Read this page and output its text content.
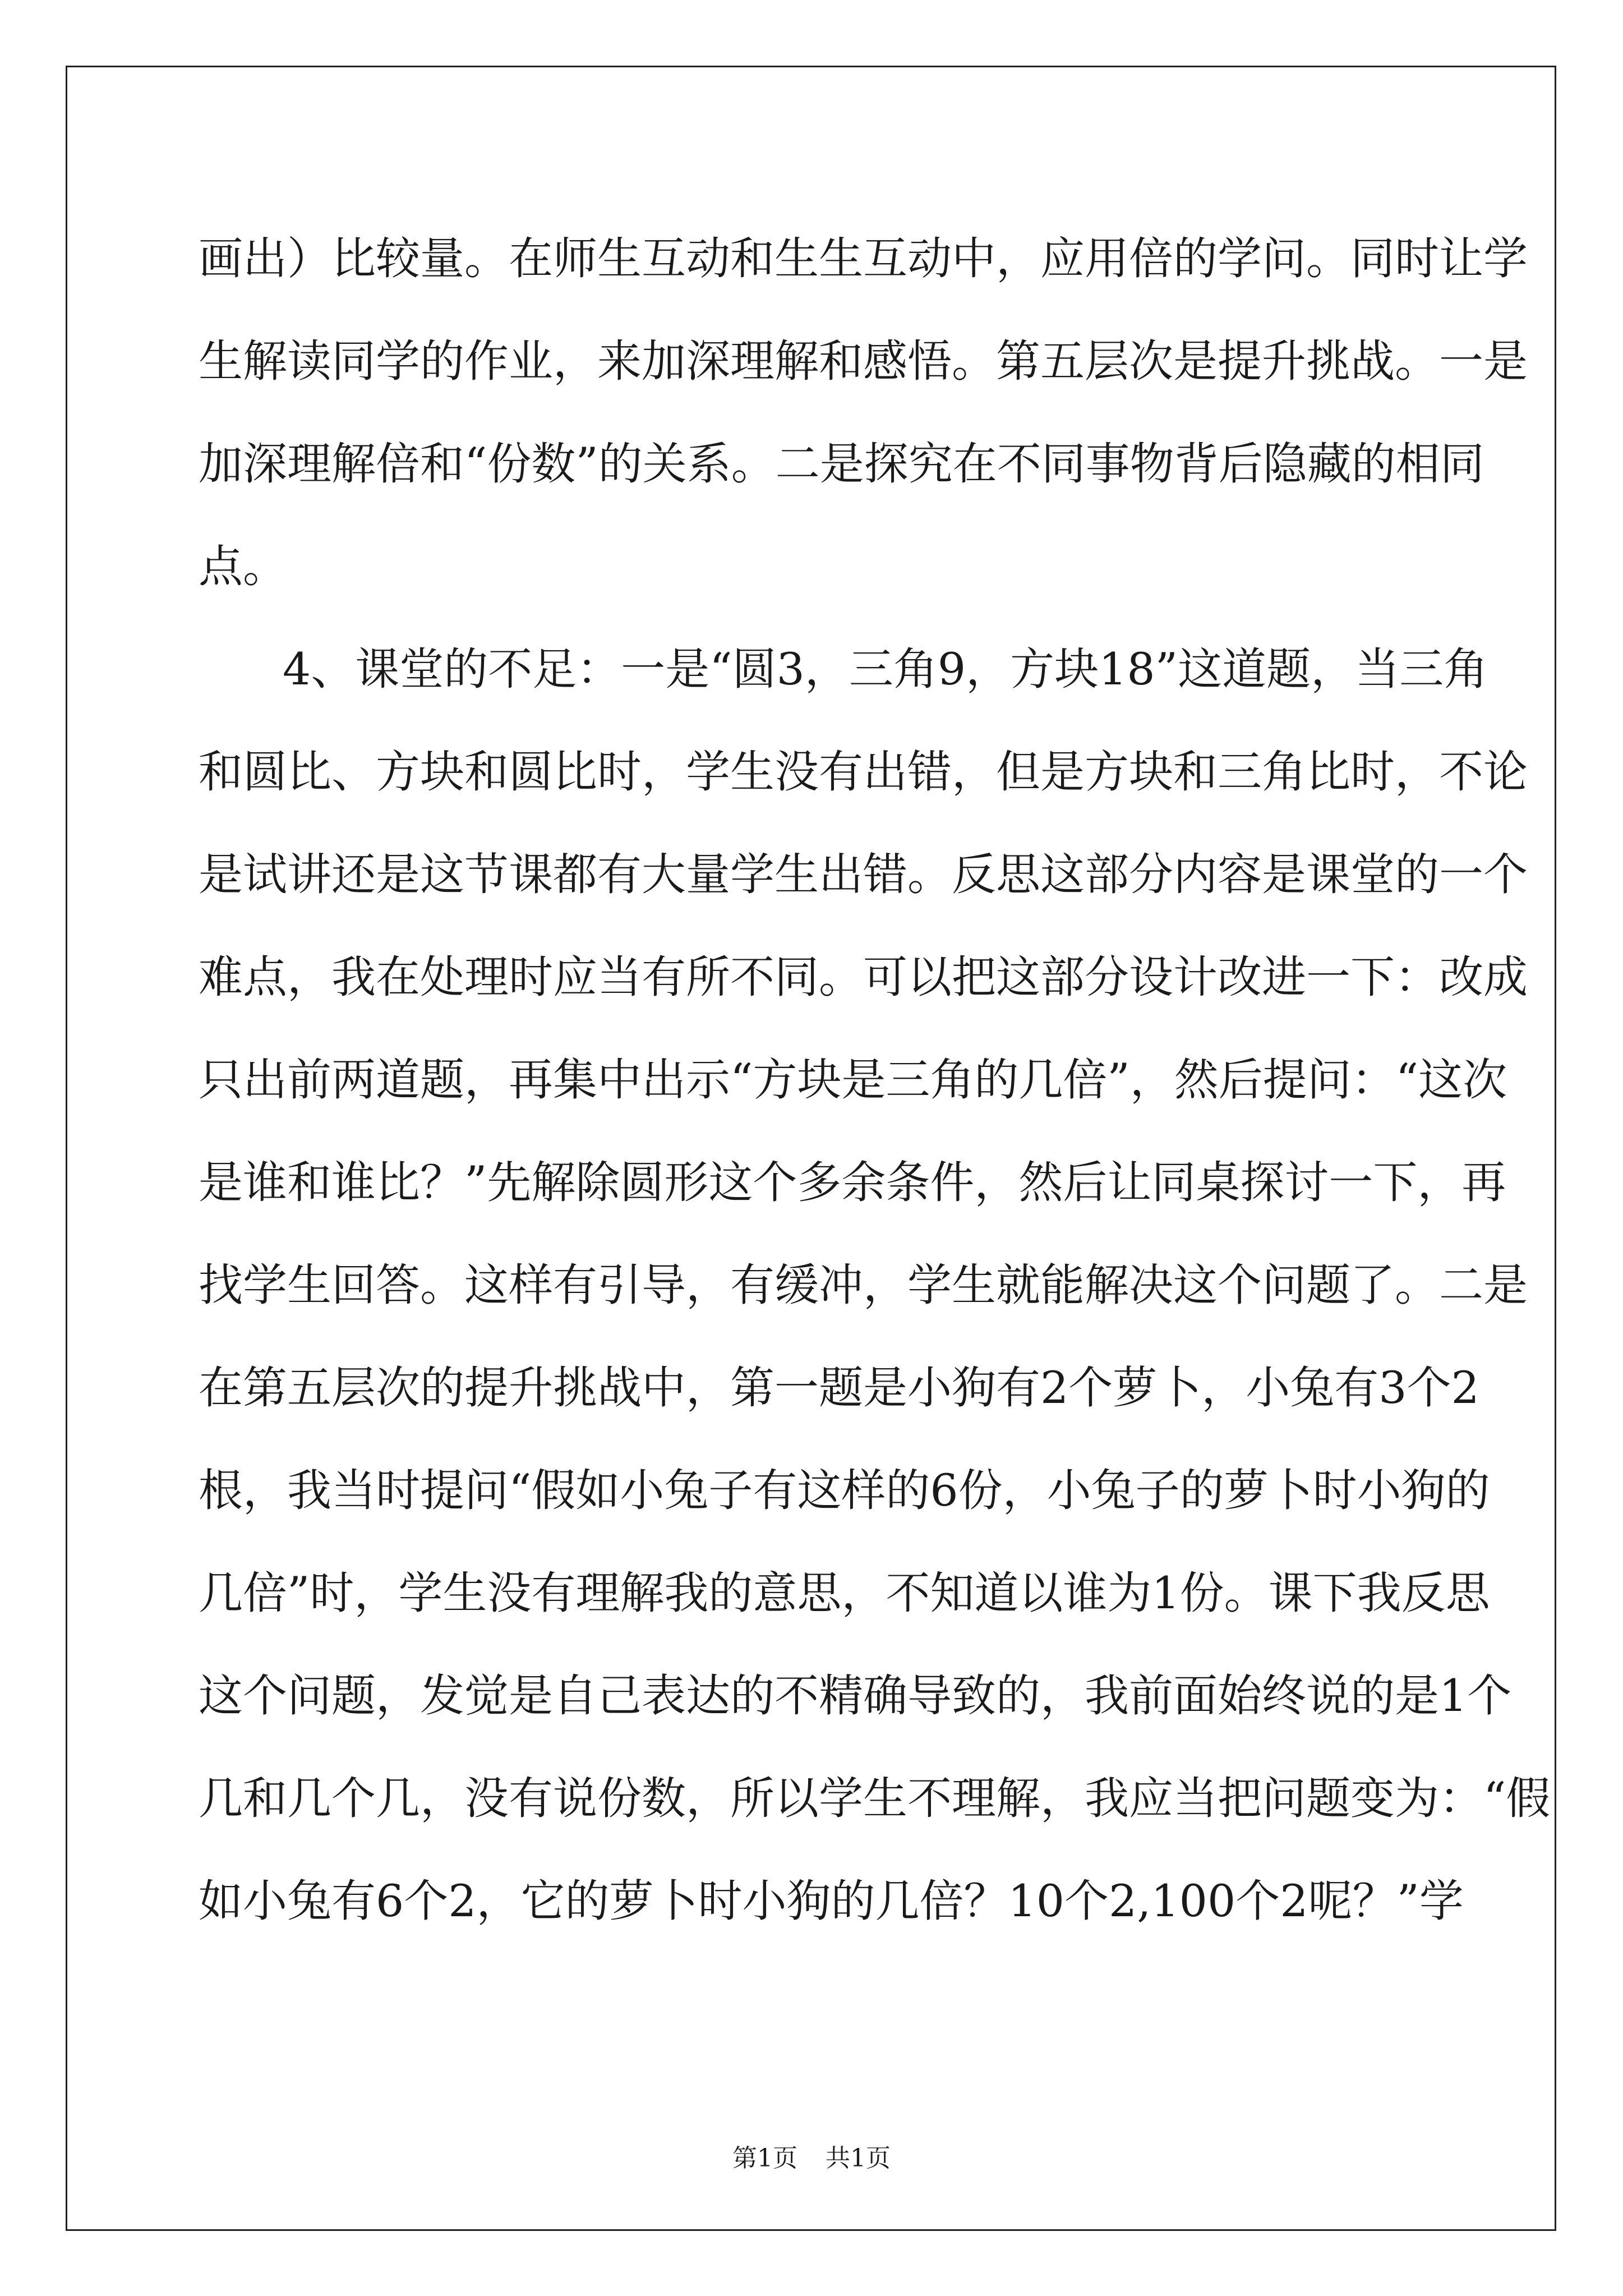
画出）比较量。在师生互动和生生互动中，应用倍的学问。同时让学
生解读同学的作业，来加深理解和感悟。第五层次是提升挑战。一是
加深理解倍和“份数”的关系。二是探究在不同事物背后隐藏的相同
点。
4、课堂的不足：一是“圆3，三角9，方块18”这道题，当三角
和圆比、方块和圆比时，学生没有出错，但是方块和三角比时，不论
是试讲还是这节课都有大量学生出错。反思这部分内容是课堂的一个
难点，我在处理时应当有所不同。可以把这部分设计改进一下：改成
只出前两道题，再集中出示“方块是三角的几倍”，然后提问：“这次
是谁和谁比？”先解除圆形这个多余条件，然后让同桌探讨一下，再
找学生回答。这样有引导，有缓冲，学生就能解决这个问题了。二是
在第五层次的提升挑战中，第一题是小狗有2个萝卜，小兔有3个2
根，我当时提问“假如小兔子有这样的6份，小兔子的萝卜时小狗的
几倍”时，学生没有理解我的意思，不知道以谁为1份。课下我反思
这个问题，发觉是自己表达的不精确导致的，我前面始终说的是1个
几和几个几，没有说份数，所以学生不理解，我应当把问题变为：“假
如小兔有6个2，它的萝卜时小狗的几倍？10个2,100个2呢？”学
第1页 共1页
